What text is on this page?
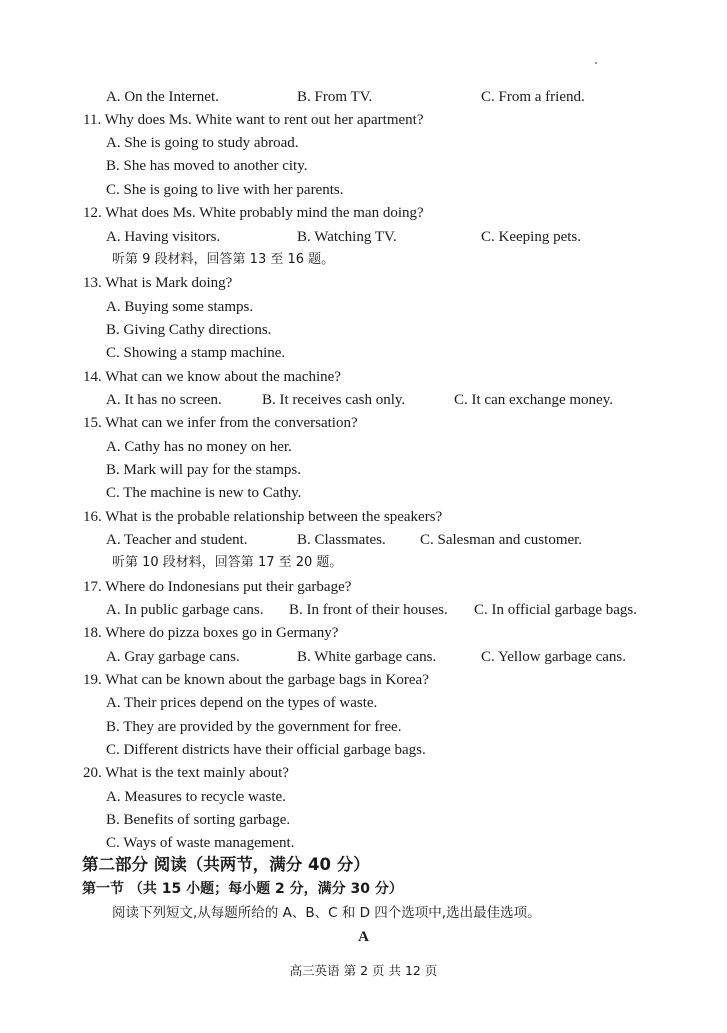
A. On the Internet.	B. From TV.	C. From a friend.
11. Why does Ms. White want to rent out her apartment?
A. She is going to study abroad.
B. She has moved to another city.
C. She is going to live with her parents.
12. What does Ms. White probably mind the man doing?
A. Having visitors.	B. Watching TV.	C. Keeping pets.
听第 9 段材料，回答第 13 至 16 题。
13. What is Mark doing?
A. Buying some stamps.
B. Giving Cathy directions.
C. Showing a stamp machine.
14. What can we know about the machine?
A. It has no screen.	B. It receives cash only.	C. It can exchange money.
15. What can we infer from the conversation?
A. Cathy has no money on her.
B. Mark will pay for the stamps.
C. The machine is new to Cathy.
16. What is the probable relationship between the speakers?
A. Teacher and student.	B. Classmates. C. Salesman and customer.
听第 10 段材料，回答第 17 至 20 题。
17. Where do Indonesians put their garbage?
A. In public garbage cans. B. In front of their houses. C. In official garbage bags.
18. Where do pizza boxes go in Germany?
A. Gray garbage cans.	B. White garbage cans.	C. Yellow garbage cans.
19. What can be known about the garbage bags in Korea?
A. Their prices depend on the types of waste.
B. They are provided by the government for free.
C. Different districts have their official garbage bags.
20. What is the text mainly about?
A. Measures to recycle waste.
B. Benefits of sorting garbage.
C. Ways of waste management.
第二部分 阅读（共两节，满分 40 分）
第一节 （共 15 小题；每小题 2 分，满分 30 分）
阅读下列短文,从每题所给的 A、B、C 和 D 四个选项中,选出最佳选项。
A
高三英语 第 2 页 共 12 页
